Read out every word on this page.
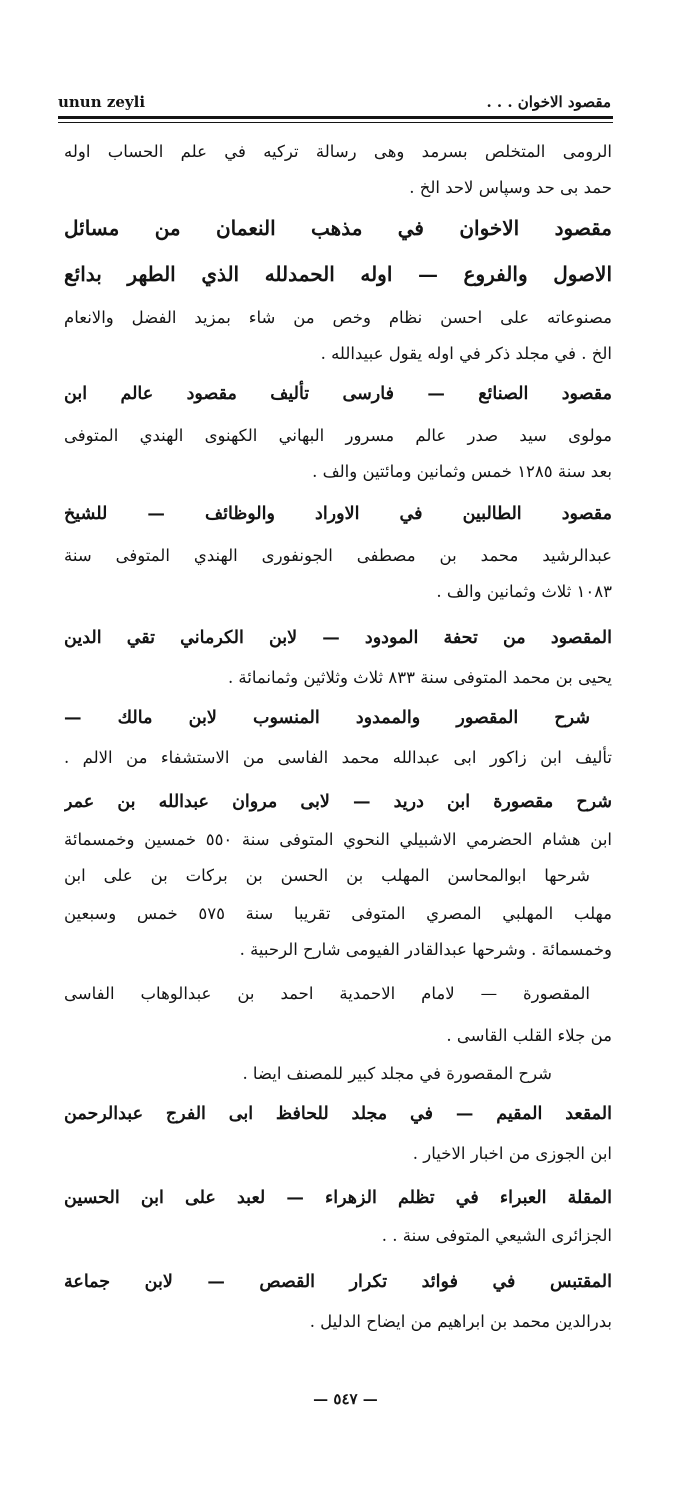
unun zeyli	مقصود الاخوان . . .
الرومى المتخلص بسرمد وهى رسالة تركيه في علم الحساب اوله
حمد بى حد وسپاس لاحد الخ .
مقصود الاخوان في مذهب النعمان من مسائل
الاصول والفروع — اوله الحمدلله الذي الطهر بدائع
مصنوعاته على احسن نظام وخص من شاء بمزيد الفضل والانعام
الخ . في مجلد ذكر في اوله يقول عبيدالله .
مقصود الصنائع — فارسى تأليف مقصود عالم ابن
مولوى سيد صدر عالم مسرور البهاني الكهنوى الهندي المتوفى
بعد سنة ١٢٨٥ خمس وثمانين ومائتين والف .
مقصود الطالبين في الاوراد والوظائف — للشيخ
عبدالرشيد محمد بن مصطفى الجونفورى الهندي المتوفى سنة
١٠٨٣ ثلاث وثمانين والف .
المقصود من تحفة المودود — لابن الكرماني تقي الدين
يحيى بن محمد المتوفى سنة ٨٣٣ ثلاث وثلاثين وثمانمائة .
شرح المقصور والممدود المنسوب لابن مالك —
تأليف ابن زاكور ابى عبدالله محمد الفاسى من الاستشفاء من الالم .
شرح مقصورة ابن دريد — لابى مروان عبدالله بن عمر
ابن هشام الحضرمي الاشبيلي النحوي المتوفى سنة ٥٥٠ خمسين وخمسمائة
شرحها ابوالمحاسن المهلب بن الحسن بن بركات بن على ابن
مهلب المهلبي المصري المتوفى تقريبا سنة ٥٧٥ خمس وسبعين
وخمسمائة . وشرحها عبدالقادر الفيومى شارح الرحبية .
المقصورة — لامام الاحمدية احمد بن عبدالوهاب الفاسى
من جلاء القلب القاسى .
شرح المقصورة في مجلد كبير للمصنف ايضا .
المقعد المقيم — في مجلد للحافظ ابى الفرج عبدالرحمن
ابن الجوزى من اخبار الاخيار .
المقلة العبراء في تظلم الزهراء — لعبد على ابن الحسين
الجزائرى الشيعي المتوفى سنة . .
المقتبس في فوائد تكرار القصص — لابن جماعة
بدرالدين محمد بن ابراهيم من ايضاح الدليل .
— ٥٤٧ —
